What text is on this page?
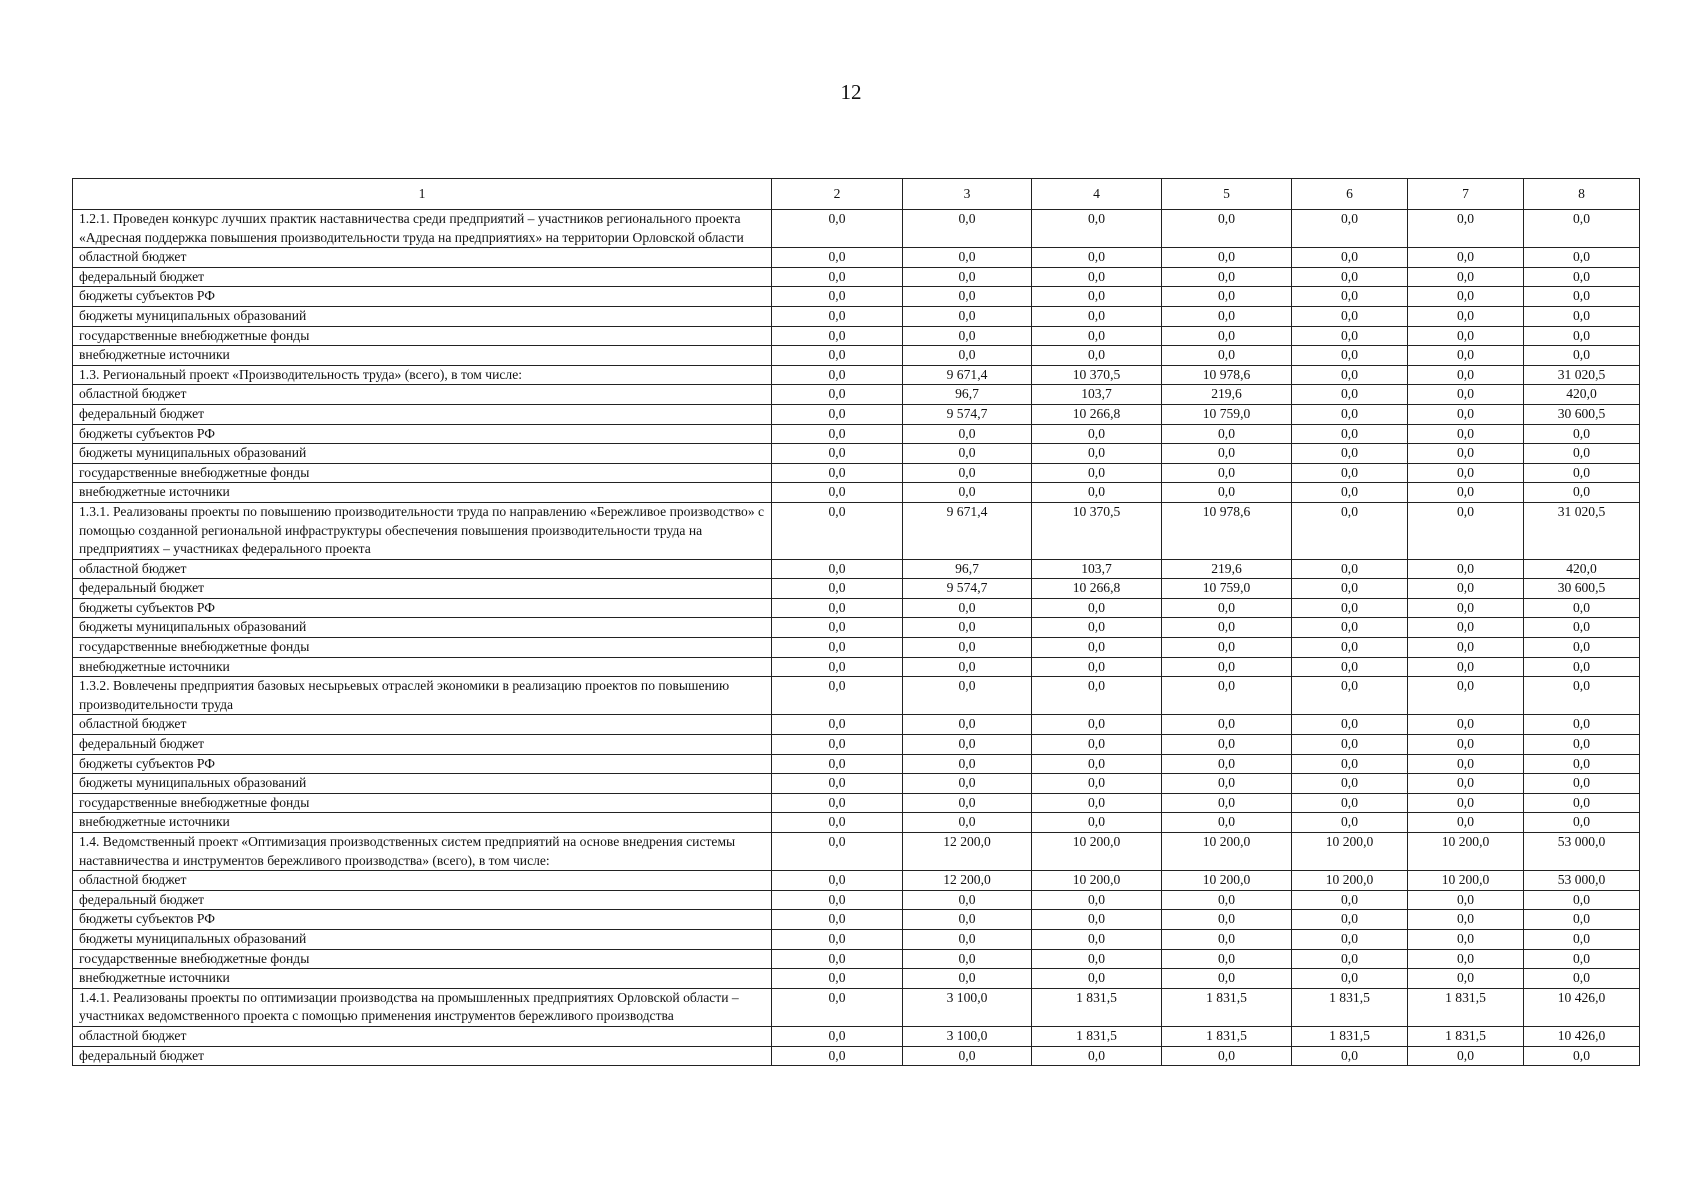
12
1	2	3	4	5	6	7	8
1.2.1. Проведен конкурс лучших практик наставничества среди предприятий – участников регионального проекта «Адресная поддержка повышения производительности труда на предприятиях» на территории Орловской области	0,0	0,0	0,0	0,0	0,0	0,0	0,0
областной бюджет	0,0	0,0	0,0	0,0	0,0	0,0	0,0
федеральный бюджет	0,0	0,0	0,0	0,0	0,0	0,0	0,0
бюджеты субъектов РФ	0,0	0,0	0,0	0,0	0,0	0,0	0,0
бюджеты муниципальных образований	0,0	0,0	0,0	0,0	0,0	0,0	0,0
государственные внебюджетные фонды	0,0	0,0	0,0	0,0	0,0	0,0	0,0
внебюджетные источники	0,0	0,0	0,0	0,0	0,0	0,0	0,0
1.3. Региональный проект «Производительность труда» (всего), в том числе:	0,0	9 671,4	10 370,5	10 978,6	0,0	0,0	31 020,5
областной бюджет	0,0	96,7	103,7	219,6	0,0	0,0	420,0
федеральный бюджет	0,0	9 574,7	10 266,8	10 759,0	0,0	0,0	30 600,5
бюджеты субъектов РФ	0,0	0,0	0,0	0,0	0,0	0,0	0,0
бюджеты муниципальных образований	0,0	0,0	0,0	0,0	0,0	0,0	0,0
государственные внебюджетные фонды	0,0	0,0	0,0	0,0	0,0	0,0	0,0
внебюджетные источники	0,0	0,0	0,0	0,0	0,0	0,0	0,0
1.3.1. Реализованы проекты по повышению производительности труда по направлению «Бережливое производство» с помощью созданной региональной инфраструктуры обеспечения повышения производительности труда на предприятиях – участниках федерального проекта	0,0	9 671,4	10 370,5	10 978,6	0,0	0,0	31 020,5
областной бюджет	0,0	96,7	103,7	219,6	0,0	0,0	420,0
федеральный бюджет	0,0	9 574,7	10 266,8	10 759,0	0,0	0,0	30 600,5
бюджеты субъектов РФ	0,0	0,0	0,0	0,0	0,0	0,0	0,0
бюджеты муниципальных образований	0,0	0,0	0,0	0,0	0,0	0,0	0,0
государственные внебюджетные фонды	0,0	0,0	0,0	0,0	0,0	0,0	0,0
внебюджетные источники	0,0	0,0	0,0	0,0	0,0	0,0	0,0
1.3.2. Вовлечены предприятия базовых несырьевых отраслей экономики в реализацию проектов по повышению производительности труда	0,0	0,0	0,0	0,0	0,0	0,0	0,0
областной бюджет	0,0	0,0	0,0	0,0	0,0	0,0	0,0
федеральный бюджет	0,0	0,0	0,0	0,0	0,0	0,0	0,0
бюджеты субъектов РФ	0,0	0,0	0,0	0,0	0,0	0,0	0,0
бюджеты муниципальных образований	0,0	0,0	0,0	0,0	0,0	0,0	0,0
государственные внебюджетные фонды	0,0	0,0	0,0	0,0	0,0	0,0	0,0
внебюджетные источники	0,0	0,0	0,0	0,0	0,0	0,0	0,0
1.4. Ведомственный проект «Оптимизация производственных систем предприятий на основе внедрения системы наставничества и инструментов бережливого производства» (всего), в том числе:	0,0	12 200,0	10 200,0	10 200,0	10 200,0	10 200,0	53 000,0
областной бюджет	0,0	12 200,0	10 200,0	10 200,0	10 200,0	10 200,0	53 000,0
федеральный бюджет	0,0	0,0	0,0	0,0	0,0	0,0	0,0
бюджеты субъектов РФ	0,0	0,0	0,0	0,0	0,0	0,0	0,0
бюджеты муниципальных образований	0,0	0,0	0,0	0,0	0,0	0,0	0,0
государственные внебюджетные фонды	0,0	0,0	0,0	0,0	0,0	0,0	0,0
внебюджетные источники	0,0	0,0	0,0	0,0	0,0	0,0	0,0
1.4.1. Реализованы проекты по оптимизации производства на промышленных предприятиях Орловской области – участниках ведомственного проекта с помощью применения инструментов бережливого производства	0,0	3 100,0	1 831,5	1 831,5	1 831,5	1 831,5	10 426,0
областной бюджет	0,0	3 100,0	1 831,5	1 831,5	1 831,5	1 831,5	10 426,0
федеральный бюджет	0,0	0,0	0,0	0,0	0,0	0,0	0,0
